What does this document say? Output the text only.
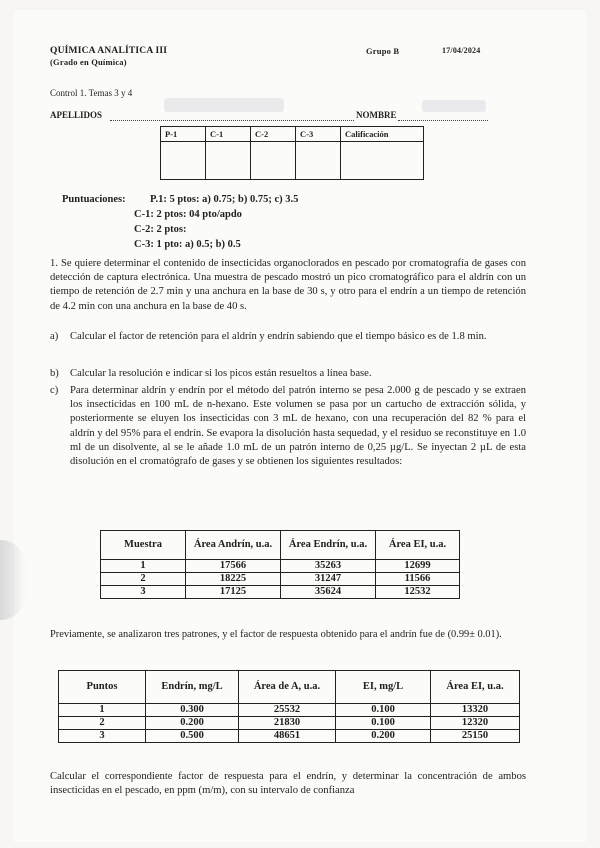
QUÍMICA ANALÍTICA III
(Grado en Química)
Grupo B	17/04/2024
Control 1. Temas 3 y 4
APELLIDOS	NOMBRE
P-1	C-1	C-2	C-3	Calificación

Puntuaciones: P.1: 5 ptos: a) 0.75; b) 0.75; c) 3.5
C-1: 2 ptos: 04 pto/apdo
C-2: 2 ptos:
C-3: 1 pto: a) 0.5; b) 0.5
1. Se quiere determinar el contenido de insecticidas organoclorados en pescado por cromatografía de gases con detección de captura electrónica. Una muestra de pescado mostró un pico cromatográfico para el aldrín con un tiempo de retención de 2.7 min y una anchura en la base de 30 s, y otro para el endrín a un tiempo de retención de 4.2 min con una anchura en la base de 40 s.
a) Calcular el factor de retención para el aldrín y endrín sabiendo que el tiempo básico es de 1.8 min.
b) Calcular la resolución e indicar si los picos están resueltos a línea base.
c) Para determinar aldrín y endrín por el método del patrón interno se pesa 2.000 g de pescado y se extraen los insecticidas en 100 mL de n-hexano. Este volumen se pasa por un cartucho de extracción sólida, y posteriormente se eluyen los insecticidas con 3 mL de hexano, con una recuperación del 82 % para el aldrín y del 95% para el endrín. Se evapora la disolución hasta sequedad, y el residuo se reconstituye en 1.0 ml de un disolvente, al se le añade 1.0 mL de un patrón interno de 0,25 µg/L. Se inyectan 2 µL de esta disolución en el cromatógrafo de gases y se obtienen los siguientes resultados:
Muestra	Área Andrín, u.a.	Área Endrín, u.a.	Área EI, u.a.
1	17566	35263	12699
2	18225	31247	11566
3	17125	35624	12532
Previamente, se analizaron tres patrones, y el factor de respuesta obtenido para el andrín fue de (0.99± 0.01).
Puntos	Endrín, mg/L	Área de A, u.a.	EI, mg/L	Área EI, u.a.
1	0.300	25532	0.100	13320
2	0.200	21830	0.100	12320
3	0.500	48651	0.200	25150
Calcular el correspondiente factor de respuesta para el endrín, y determinar la concentración de ambos insecticidas en el pescado, en ppm (m/m), con su intervalo de confianza
